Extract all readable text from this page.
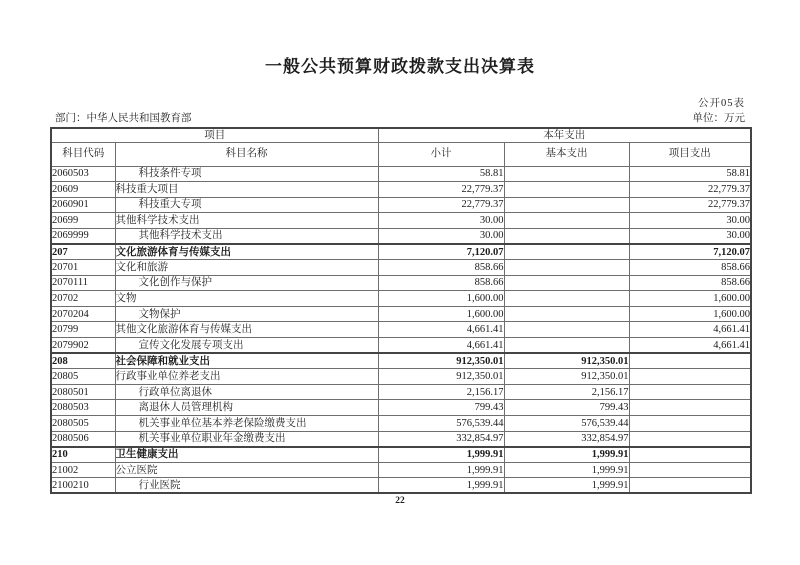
一般公共预算财政拨款支出决算表
公开05表
部门：中华人民共和国教育部	单位：万元
项目		本年支出		
科目代码	科目名称	小计	基本支出	项目支出
2060503	科技条件专项	58.81		58.81
20609	科技重大项目	22,779.37		22,779.37
2060901	科技重大专项	22,779.37		22,779.37
20699	其他科学技术支出	30.00		30.00
2069999	其他科学技术支出	30.00		30.00
207	文化旅游体育与传媒支出	7,120.07		7,120.07
20701	文化和旅游	858.66		858.66
2070111	文化创作与保护	858.66		858.66
20702	文物	1,600.00		1,600.00
2070204	文物保护	1,600.00		1,600.00
20799	其他文化旅游体育与传媒支出	4,661.41		4,661.41
2079902	宣传文化发展专项支出	4,661.41		4,661.41
208	社会保障和就业支出	912,350.01	912,350.01	
20805	行政事业单位养老支出	912,350.01	912,350.01	
2080501	行政单位离退休	2,156.17	2,156.17	
2080503	离退休人员管理机构	799.43	799.43	
2080505	机关事业单位基本养老保险缴费支出	576,539.44	576,539.44	
2080506	机关事业单位职业年金缴费支出	332,854.97	332,854.97	
210	卫生健康支出	1,999.91	1,999.91	
21002	公立医院	1,999.91	1,999.91	
2100210	行业医院	1,999.91	1,999.91	
22
